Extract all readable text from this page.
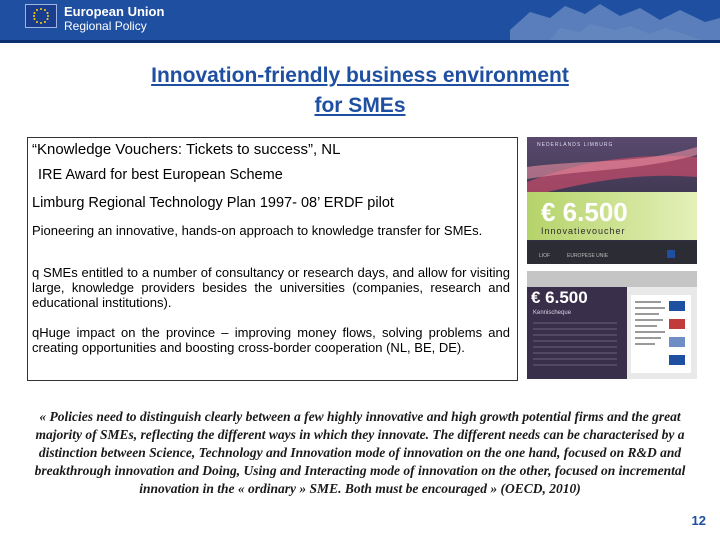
European Union
Regional Policy
Innovation-friendly business environment
for SMEs
“Knowledge Vouchers: Tickets to success”, NL
IRE Award for best European Scheme
Limburg Regional Technology Plan 1997- 08’ ERDF pilot
Pioneering an innovative, hands-on approach to knowledge transfer for SMEs.
q SMEs entitled to a number of consultancy or research days, and allow for visiting large, knowledge providers besides the universities (companies, research and educational institutions).
qHuge impact on the province – improving money flows, solving problems and creating opportunities and boosting cross-border cooperation (NL, BE, DE).
NEDERLANDS LIMBURG
€ 6.500
Innovatievoucher
LIOF	EUROPESE UNIE
€ 6.500
Kennischeque
« Policies need to distinguish clearly between a few highly innovative and high growth potential firms and the great majority of SMEs, reflecting the different ways in which they innovate. The different needs can be characterised by a distinction between Science, Technology and Innovation mode of innovation on the one hand, focused on R&D and breakthrough innovation and Doing, Using and Interacting mode of innovation on the other, focused on incremental innovation in the « ordinary » SME. Both must be encouraged » (OECD, 2010)
12
